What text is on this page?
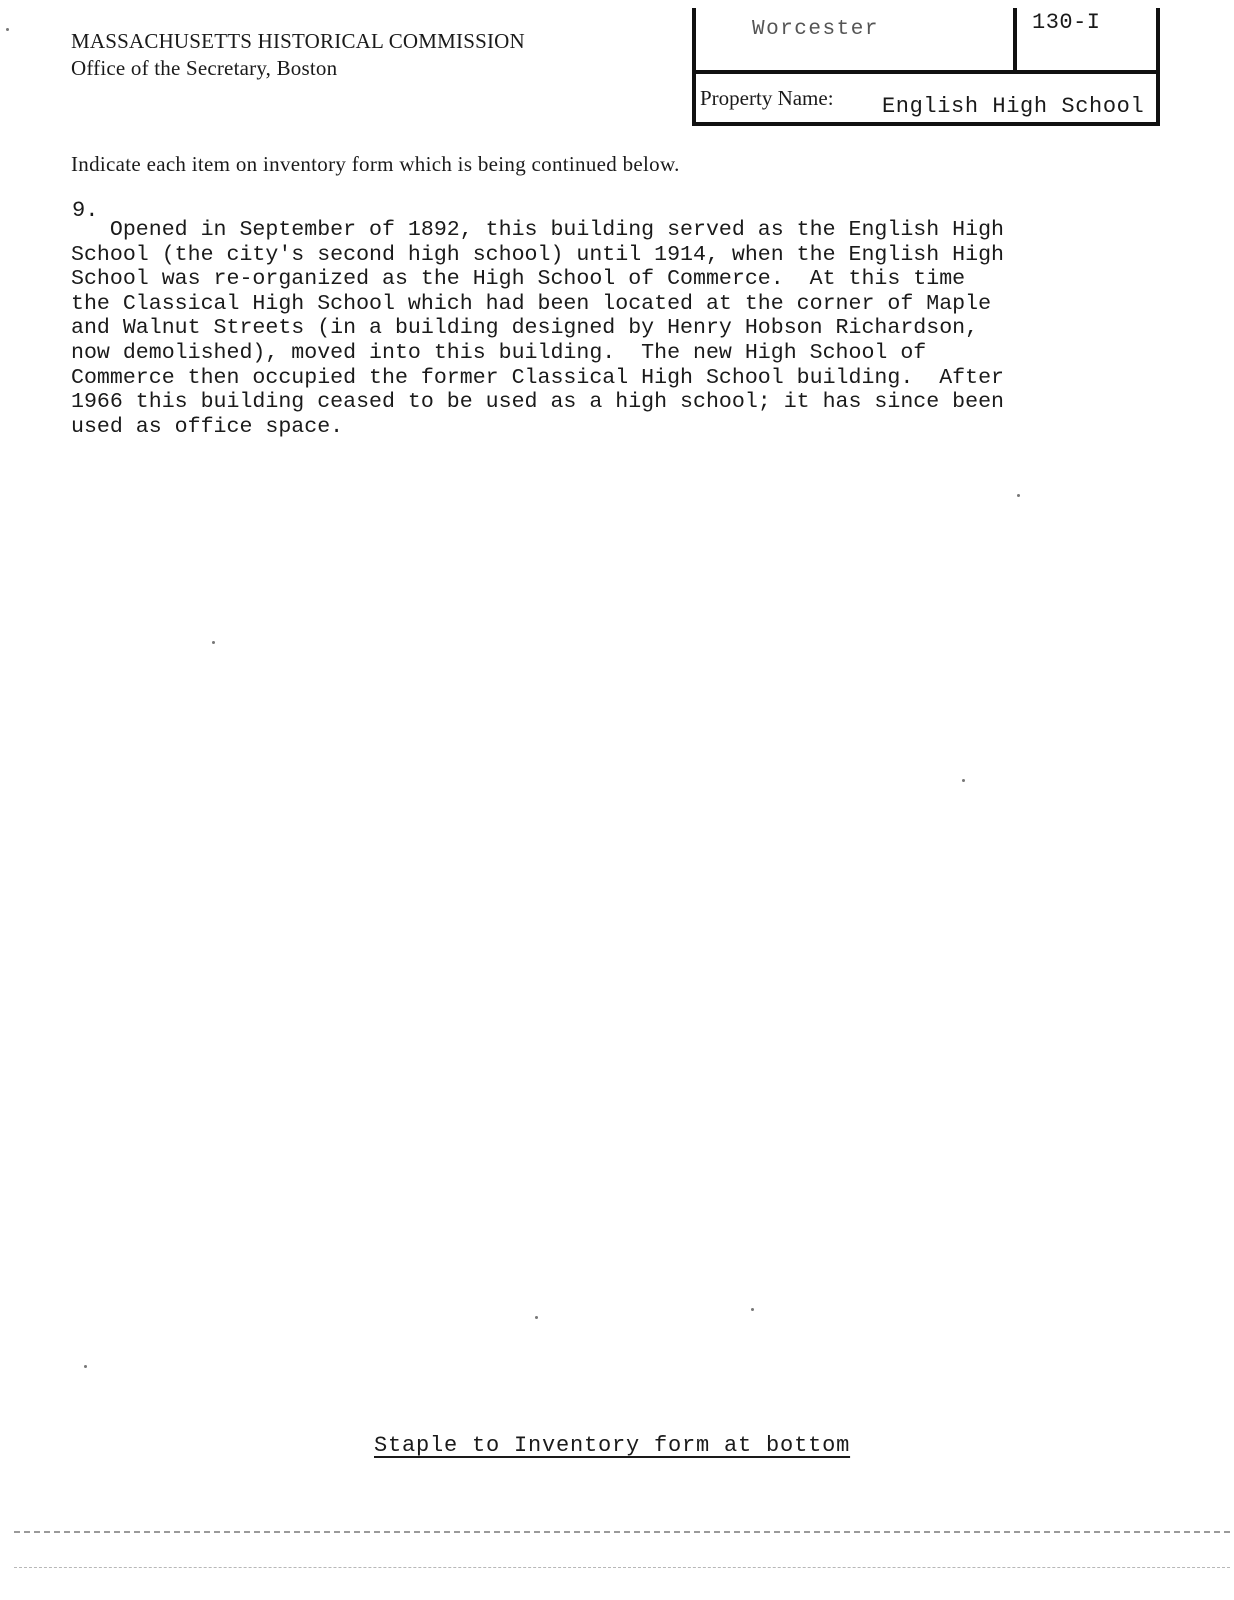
MASSACHUSETTS HISTORICAL COMMISSION
Office of the Secretary, Boston
Worcester	130-I
Property Name: English High School
Indicate each item on inventory form which is being continued below.
9.
Opened in September of 1892, this building served as the English High
School (the city's second high school) until 1914, when the English High
School was re-organized as the High School of Commerce.  At this time
the Classical High School which had been located at the corner of Maple
and Walnut Streets (in a building designed by Henry Hobson Richardson,
now demolished), moved into this building.  The new High School of
Commerce then occupied the former Classical High School building.  After
1966 this building ceased to be used as a high school; it has since been
used as office space.
Staple to Inventory form at bottom
